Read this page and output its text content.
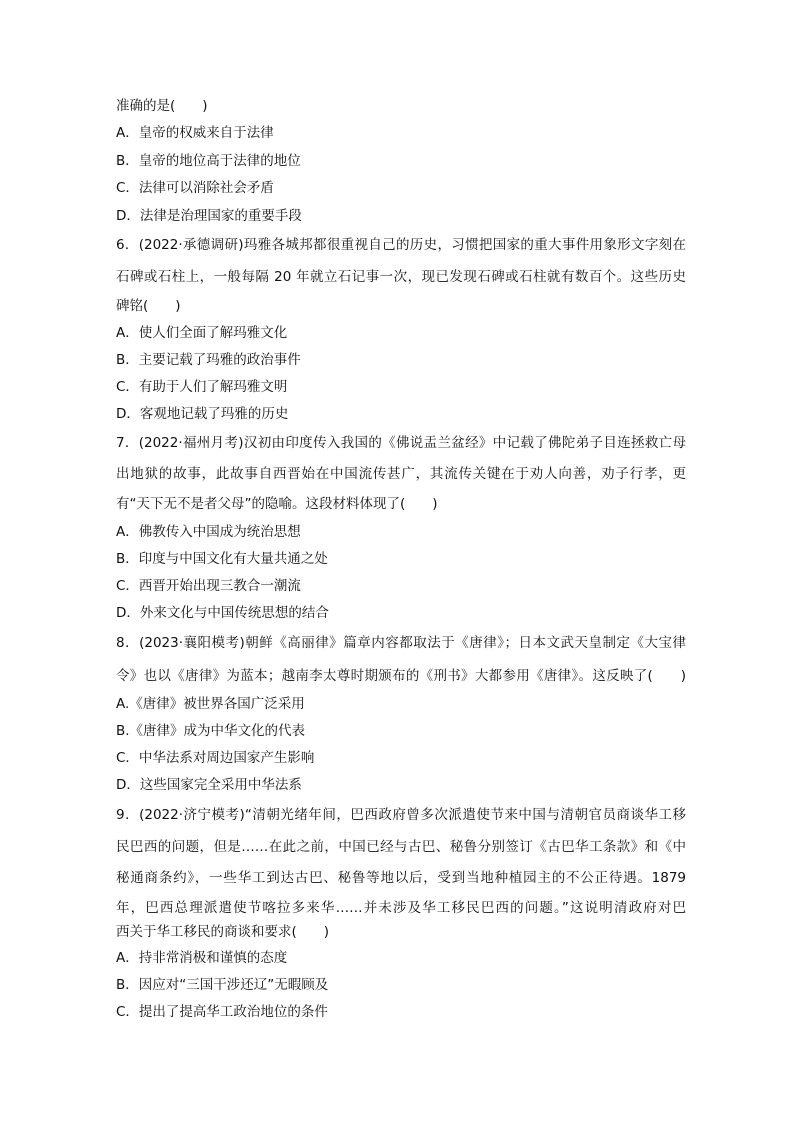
准确的是(　　)
A．皇帝的权威来自于法律
B．皇帝的地位高于法律的地位
C．法律可以消除社会矛盾
D．法律是治理国家的重要手段
6．(2022·承德调研)玛雅各城邦都很重视自己的历史，习惯把国家的重大事件用象形文字刻在
石碑或石柱上，一般每隔 20 年就立石记事一次，现已发现石碑或石柱就有数百个。这些历史
碑铭(　　)
A．使人们全面了解玛雅文化
B．主要记载了玛雅的政治事件
C．有助于人们了解玛雅文明
D．客观地记载了玛雅的历史
7．(2022·福州月考)汉初由印度传入我国的《佛说盂兰盆经》中记载了佛陀弟子目连拯救亡母
出地狱的故事，此故事自西晋始在中国流传甚广，其流传关键在于劝人向善，劝子行孝，更
有“天下无不是者父母”的隐喻。这段材料体现了(　　)
A．佛教传入中国成为统治思想
B．印度与中国文化有大量共通之处
C．西晋开始出现三教合一潮流
D．外来文化与中国传统思想的结合
8．(2023·襄阳模考)朝鲜《高丽律》篇章内容都取法于《唐律》；日本文武天皇制定《大宝律
令》也以《唐律》为蓝本；越南李太尊时期颁布的《刑书》大都参用《唐律》。这反映了(　　)
A.《唐律》被世界各国广泛采用
B.《唐律》成为中华文化的代表
C．中华法系对周边国家产生影响
D．这些国家完全采用中华法系
9．(2022·济宁模考)“清朝光绪年间，巴西政府曾多次派遣使节来中国与清朝官员商谈华工移
民巴西的问题，但是……在此之前，中国已经与古巴、秘鲁分别签订《古巴华工条款》和《中
秘通商条约》，一些华工到达古巴、秘鲁等地以后，受到当地种植园主的不公正待遇。1879
年，巴西总理派遣使节喀拉多来华……并未涉及华工移民巴西的问题。”这说明清政府对巴
西关于华工移民的商谈和要求(　　)
A．持非常消极和谨慎的态度
B．因应对“三国干涉还辽”无暇顾及
C．提出了提高华工政治地位的条件
